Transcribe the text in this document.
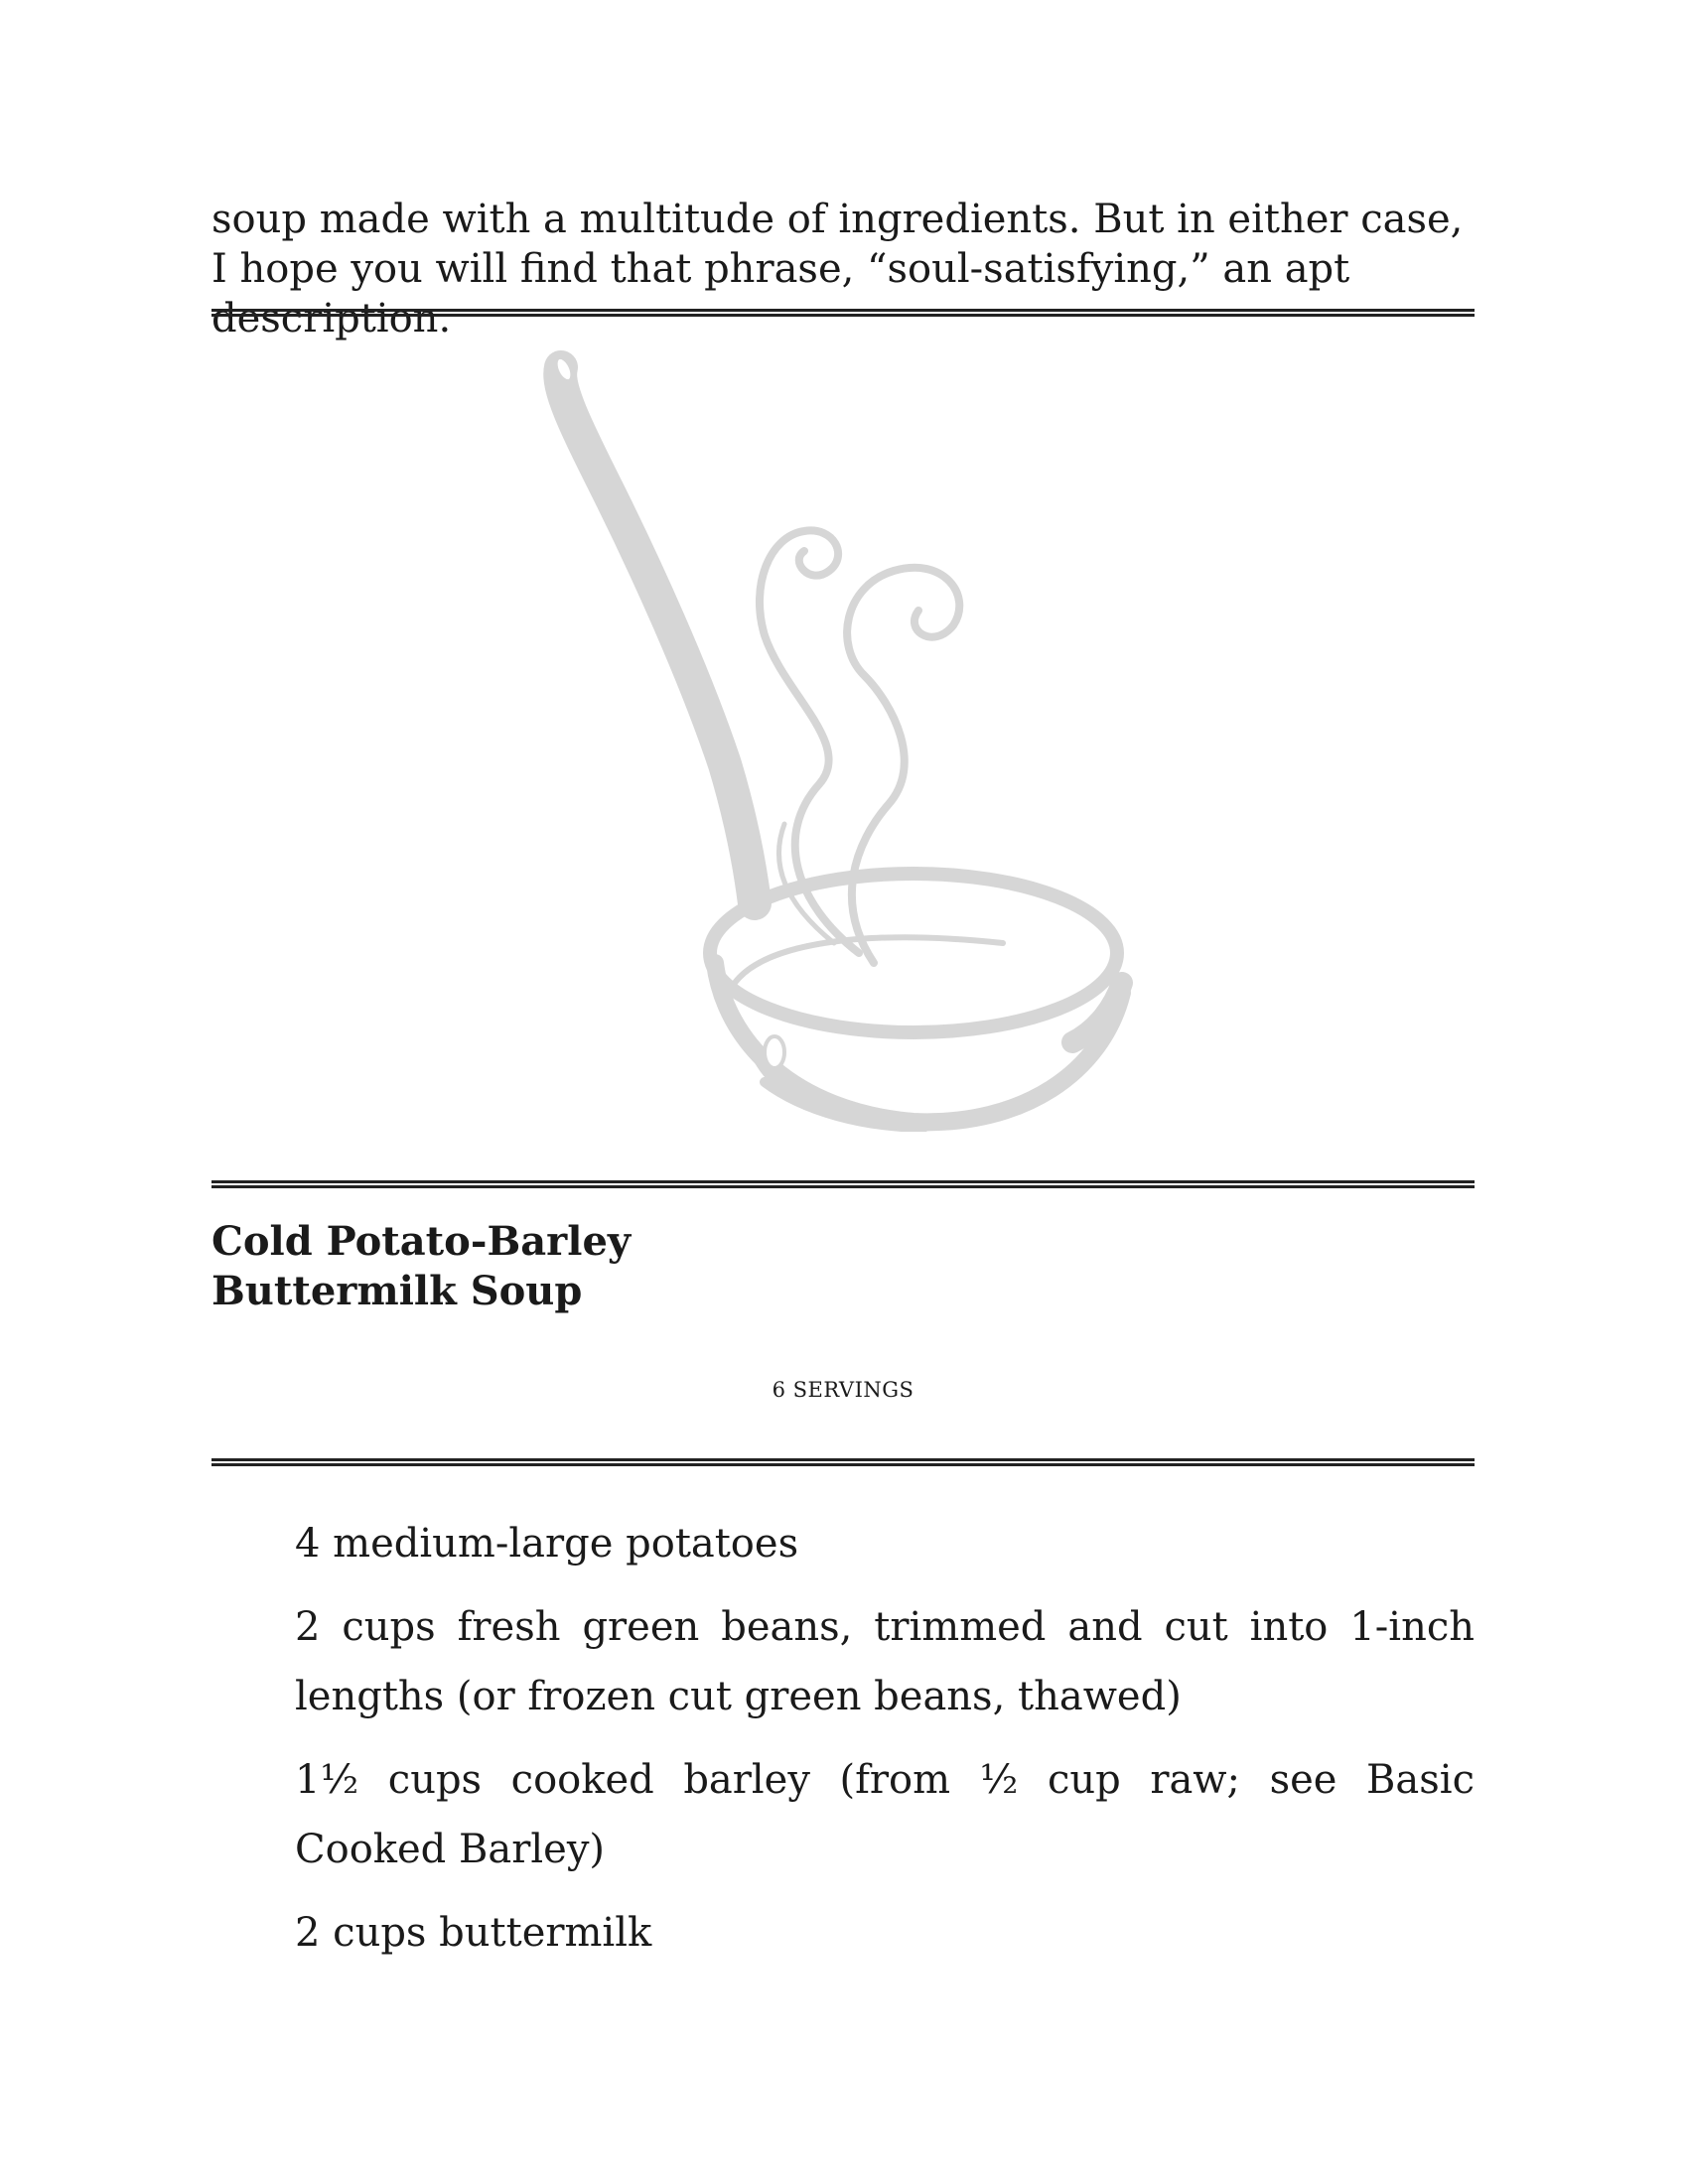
soup made with a multitude of ingredients. But in either case, I hope you will find that phrase, “soul-satisfying,” an apt description.

Cold Potato-Barley
Buttermilk Soup
6 SERVINGS
4 medium-large potatoes
2 cups fresh green beans, trimmed and cut into 1-inch lengths (or frozen cut green beans, thawed)
1½ cups cooked barley (from ½ cup raw; see Basic Cooked Barley)
2 cups buttermilk
